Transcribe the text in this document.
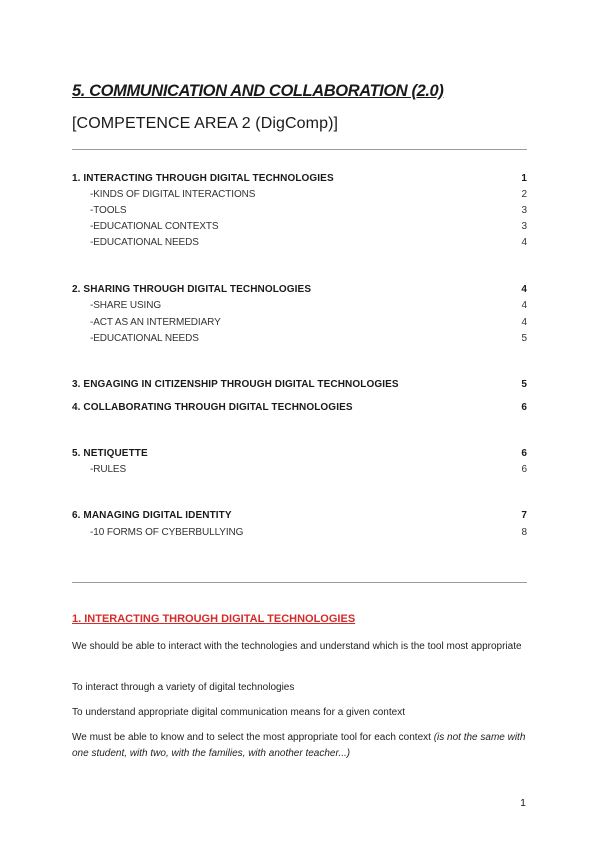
5. COMMUNICATION AND COLLABORATION (2.0)
[COMPETENCE AREA 2 (DigComp)]
1. INTERACTING THROUGH DIGITAL TECHNOLOGIES	1
-KINDS OF DIGITAL INTERACTIONS	2
-TOOLS	3
-EDUCATIONAL CONTEXTS	3
-EDUCATIONAL NEEDS	4
2. SHARING THROUGH DIGITAL TECHNOLOGIES	4
-SHARE USING	4
-ACT AS AN INTERMEDIARY	4
-EDUCATIONAL NEEDS	5
3. ENGAGING IN CITIZENSHIP THROUGH DIGITAL TECHNOLOGIES	5
4. COLLABORATING THROUGH DIGITAL TECHNOLOGIES	6
5. NETIQUETTE	6
-RULES	6
6. MANAGING DIGITAL IDENTITY	7
-10 FORMS OF CYBERBULLYING	8
1. INTERACTING THROUGH DIGITAL TECHNOLOGIES

We should be able to interact with the technologies and understand which is the tool most appropriate

To interact through a variety of digital technologies

To understand appropriate digital communication means for a given context

We must be able to know and to select the most appropriate tool for each context (is not the same with one student, with two, with the families, with another teacher...)

1
